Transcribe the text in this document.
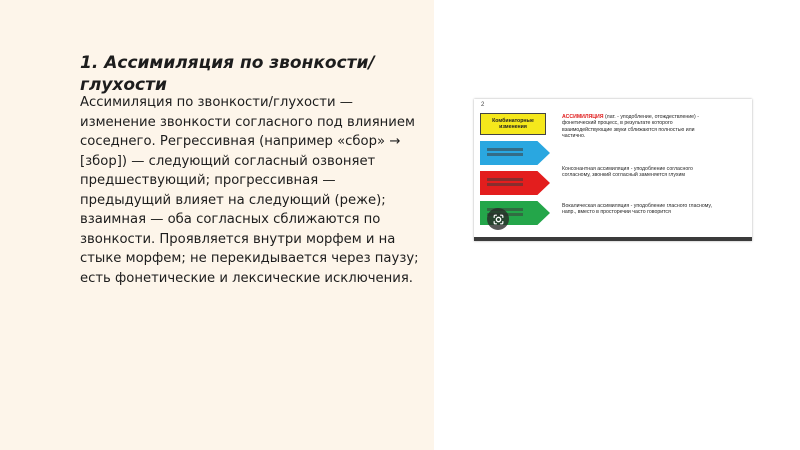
1. Ассимиляция по звонкости/глухости
Ассимиляция по звонкости/глухости — изменение звонкости согласного под влиянием соседнего. Регрессивная (например «сбор» → [збор]) — следующий согласный озвоняет предшествующий; прогрессивная — предыдущий влияет на следующий (реже); взаимная — оба согласных сближаются по звонкости. Проявляется внутри морфем и на стыке морфем; не перекидывается через паузу; есть фонетические и лексические исключения.
2
Комбинаторные изменения
АССИМИЛЯЦИЯ (лат. - уподобление, отождествление) - фонетический процесс, в результате которого взаимодействующие звуки сближаются полностью или частично.
Консонантная ассимиляция - уподобление согласного согласному, звонкий согласный заменяется глухим
Вокалическая ассимиляция - уподобление гласного гласному, напр., вместо в просторечии часто говорится
